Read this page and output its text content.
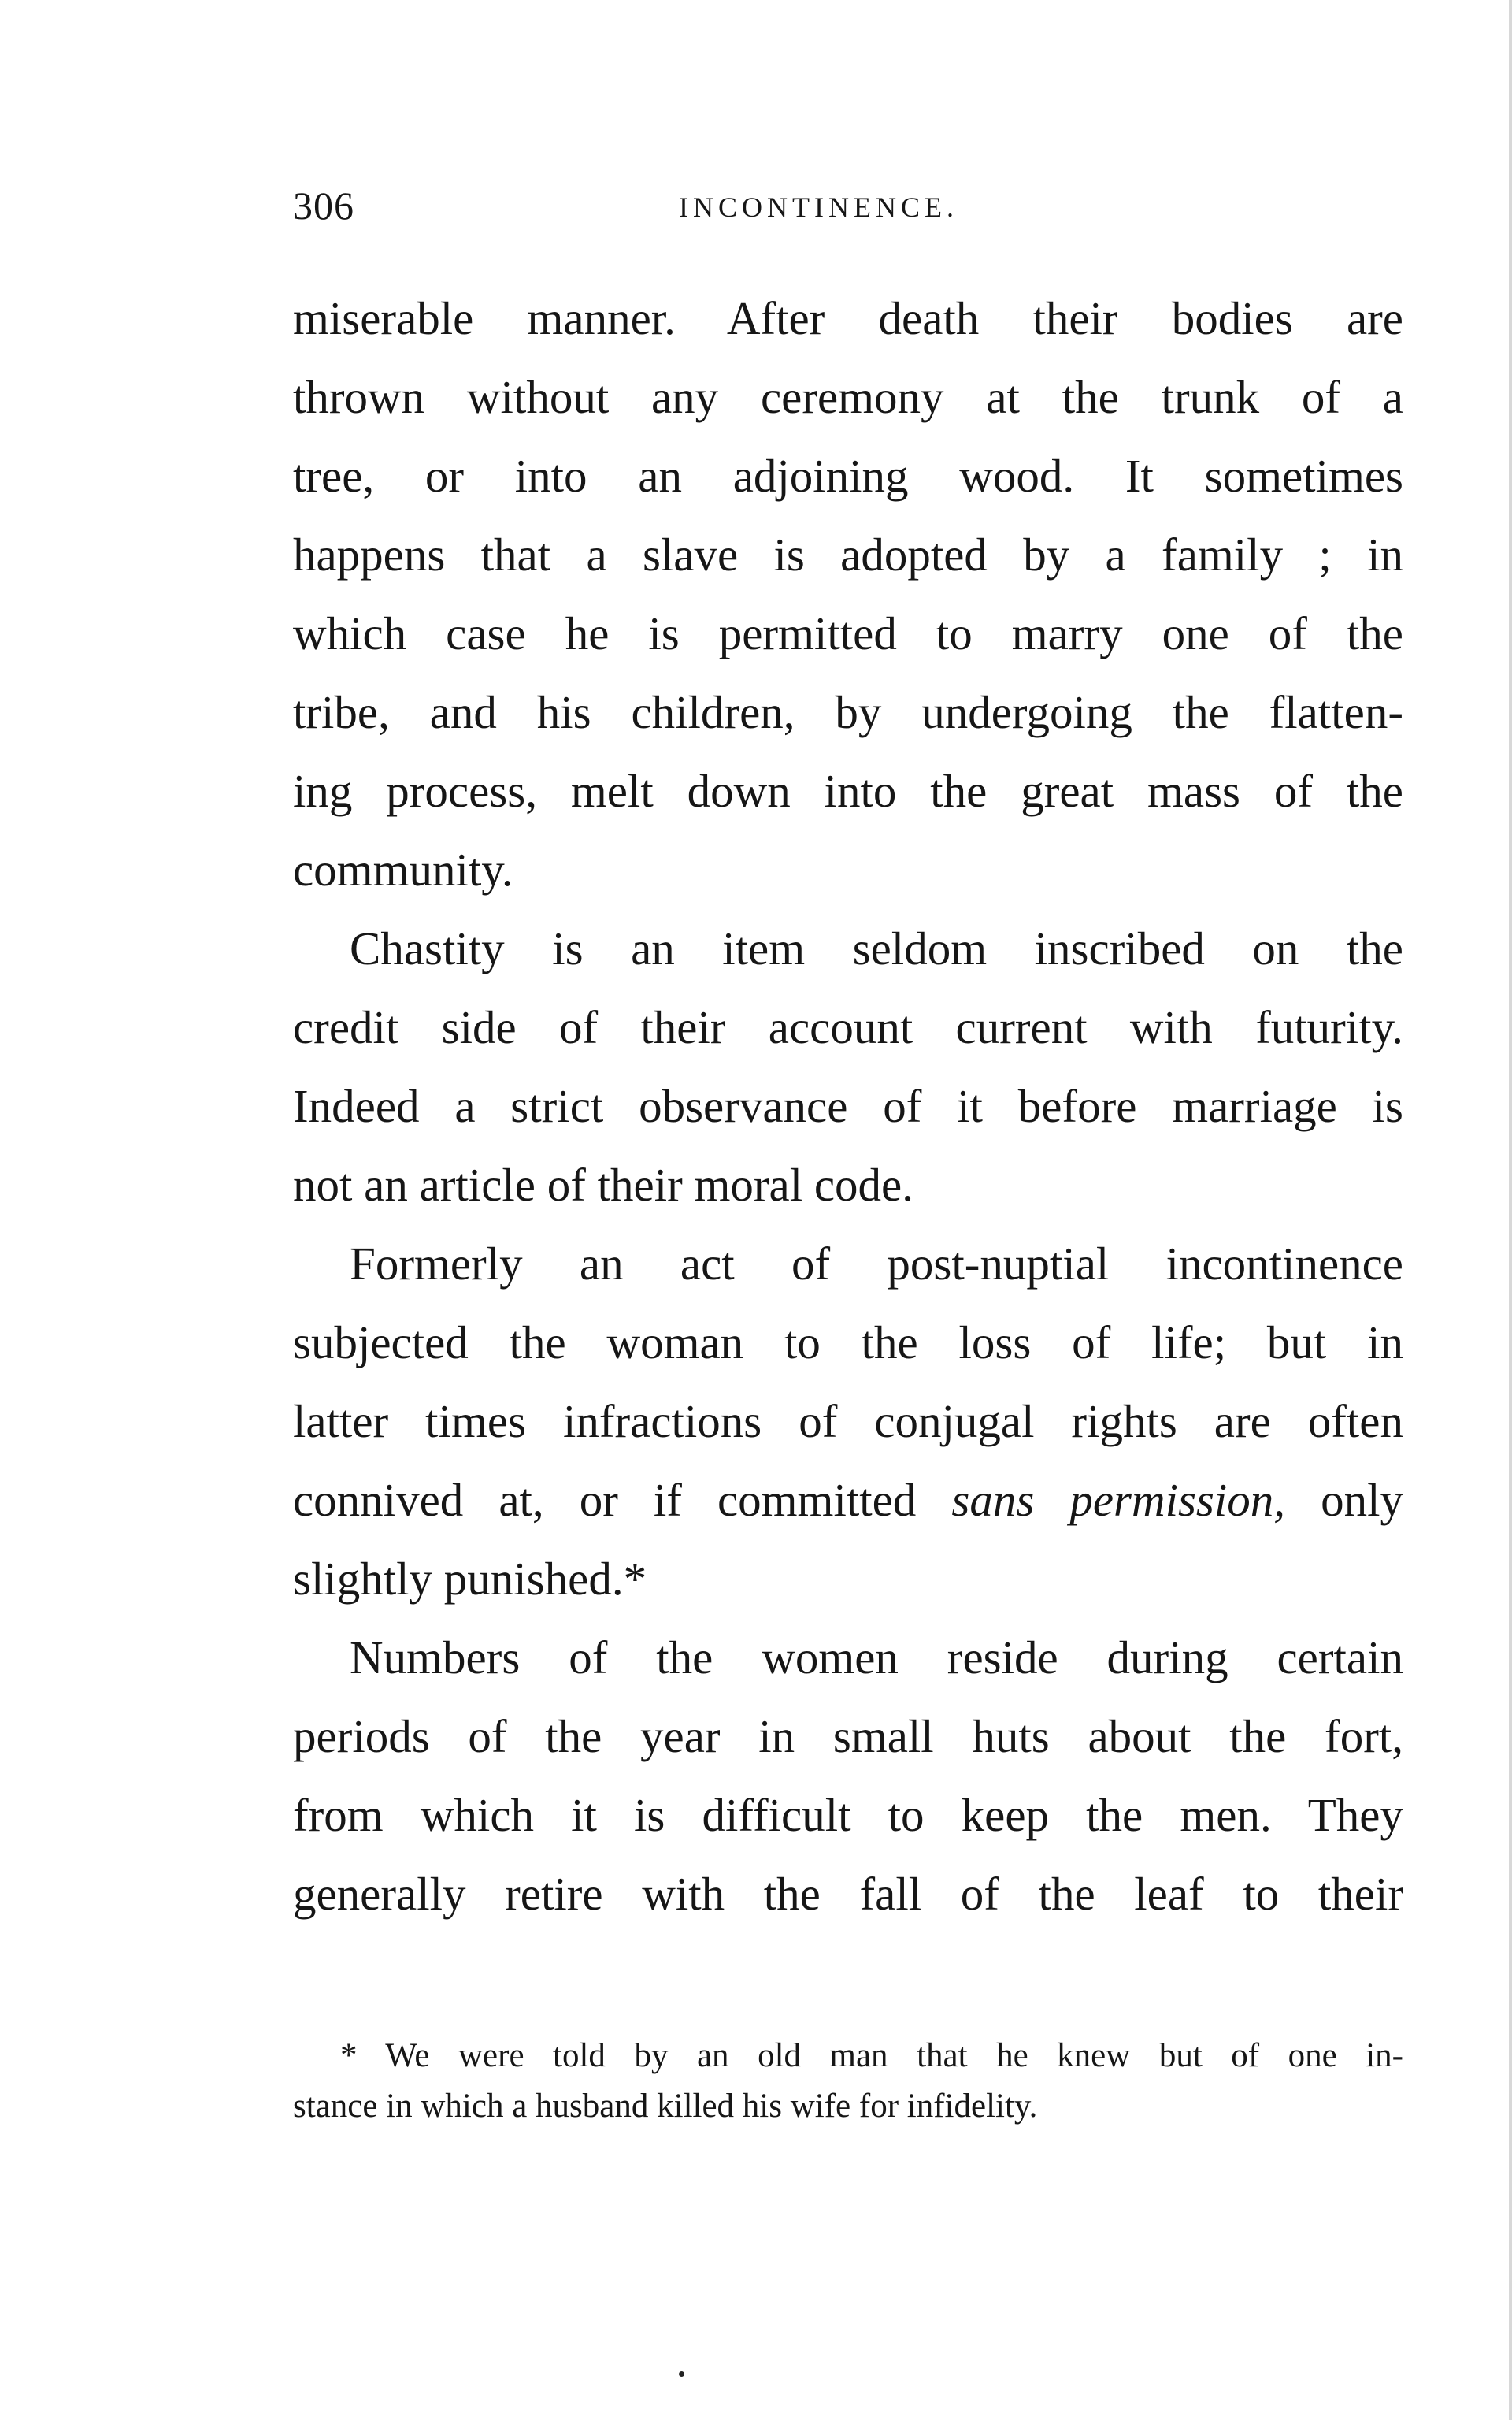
306	INCONTINENCE.
miserable manner. After death their bodies are
thrown without any ceremony at the trunk of a
tree, or into an adjoining wood. It sometimes
happens that a slave is adopted by a family ; in
which case he is permitted to marry one of the
tribe, and his children, by undergoing the flatten-
ing process, melt down into the great mass of the
community.
Chastity is an item seldom inscribed on the
credit side of their account current with futurity.
Indeed a strict observance of it before marriage is
not an article of their moral code.
Formerly an act of post-nuptial incontinence
subjected the woman to the loss of life; but in
latter times infractions of conjugal rights are often
connived at, or if committed sans permission, only
slightly punished.*
Numbers of the women reside during certain
periods of the year in small huts about the fort,
from which it is difficult to keep the men. They
generally retire with the fall of the leaf to their
* We were told by an old man that he knew but of one in-
stance in which a husband killed his wife for infidelity.
